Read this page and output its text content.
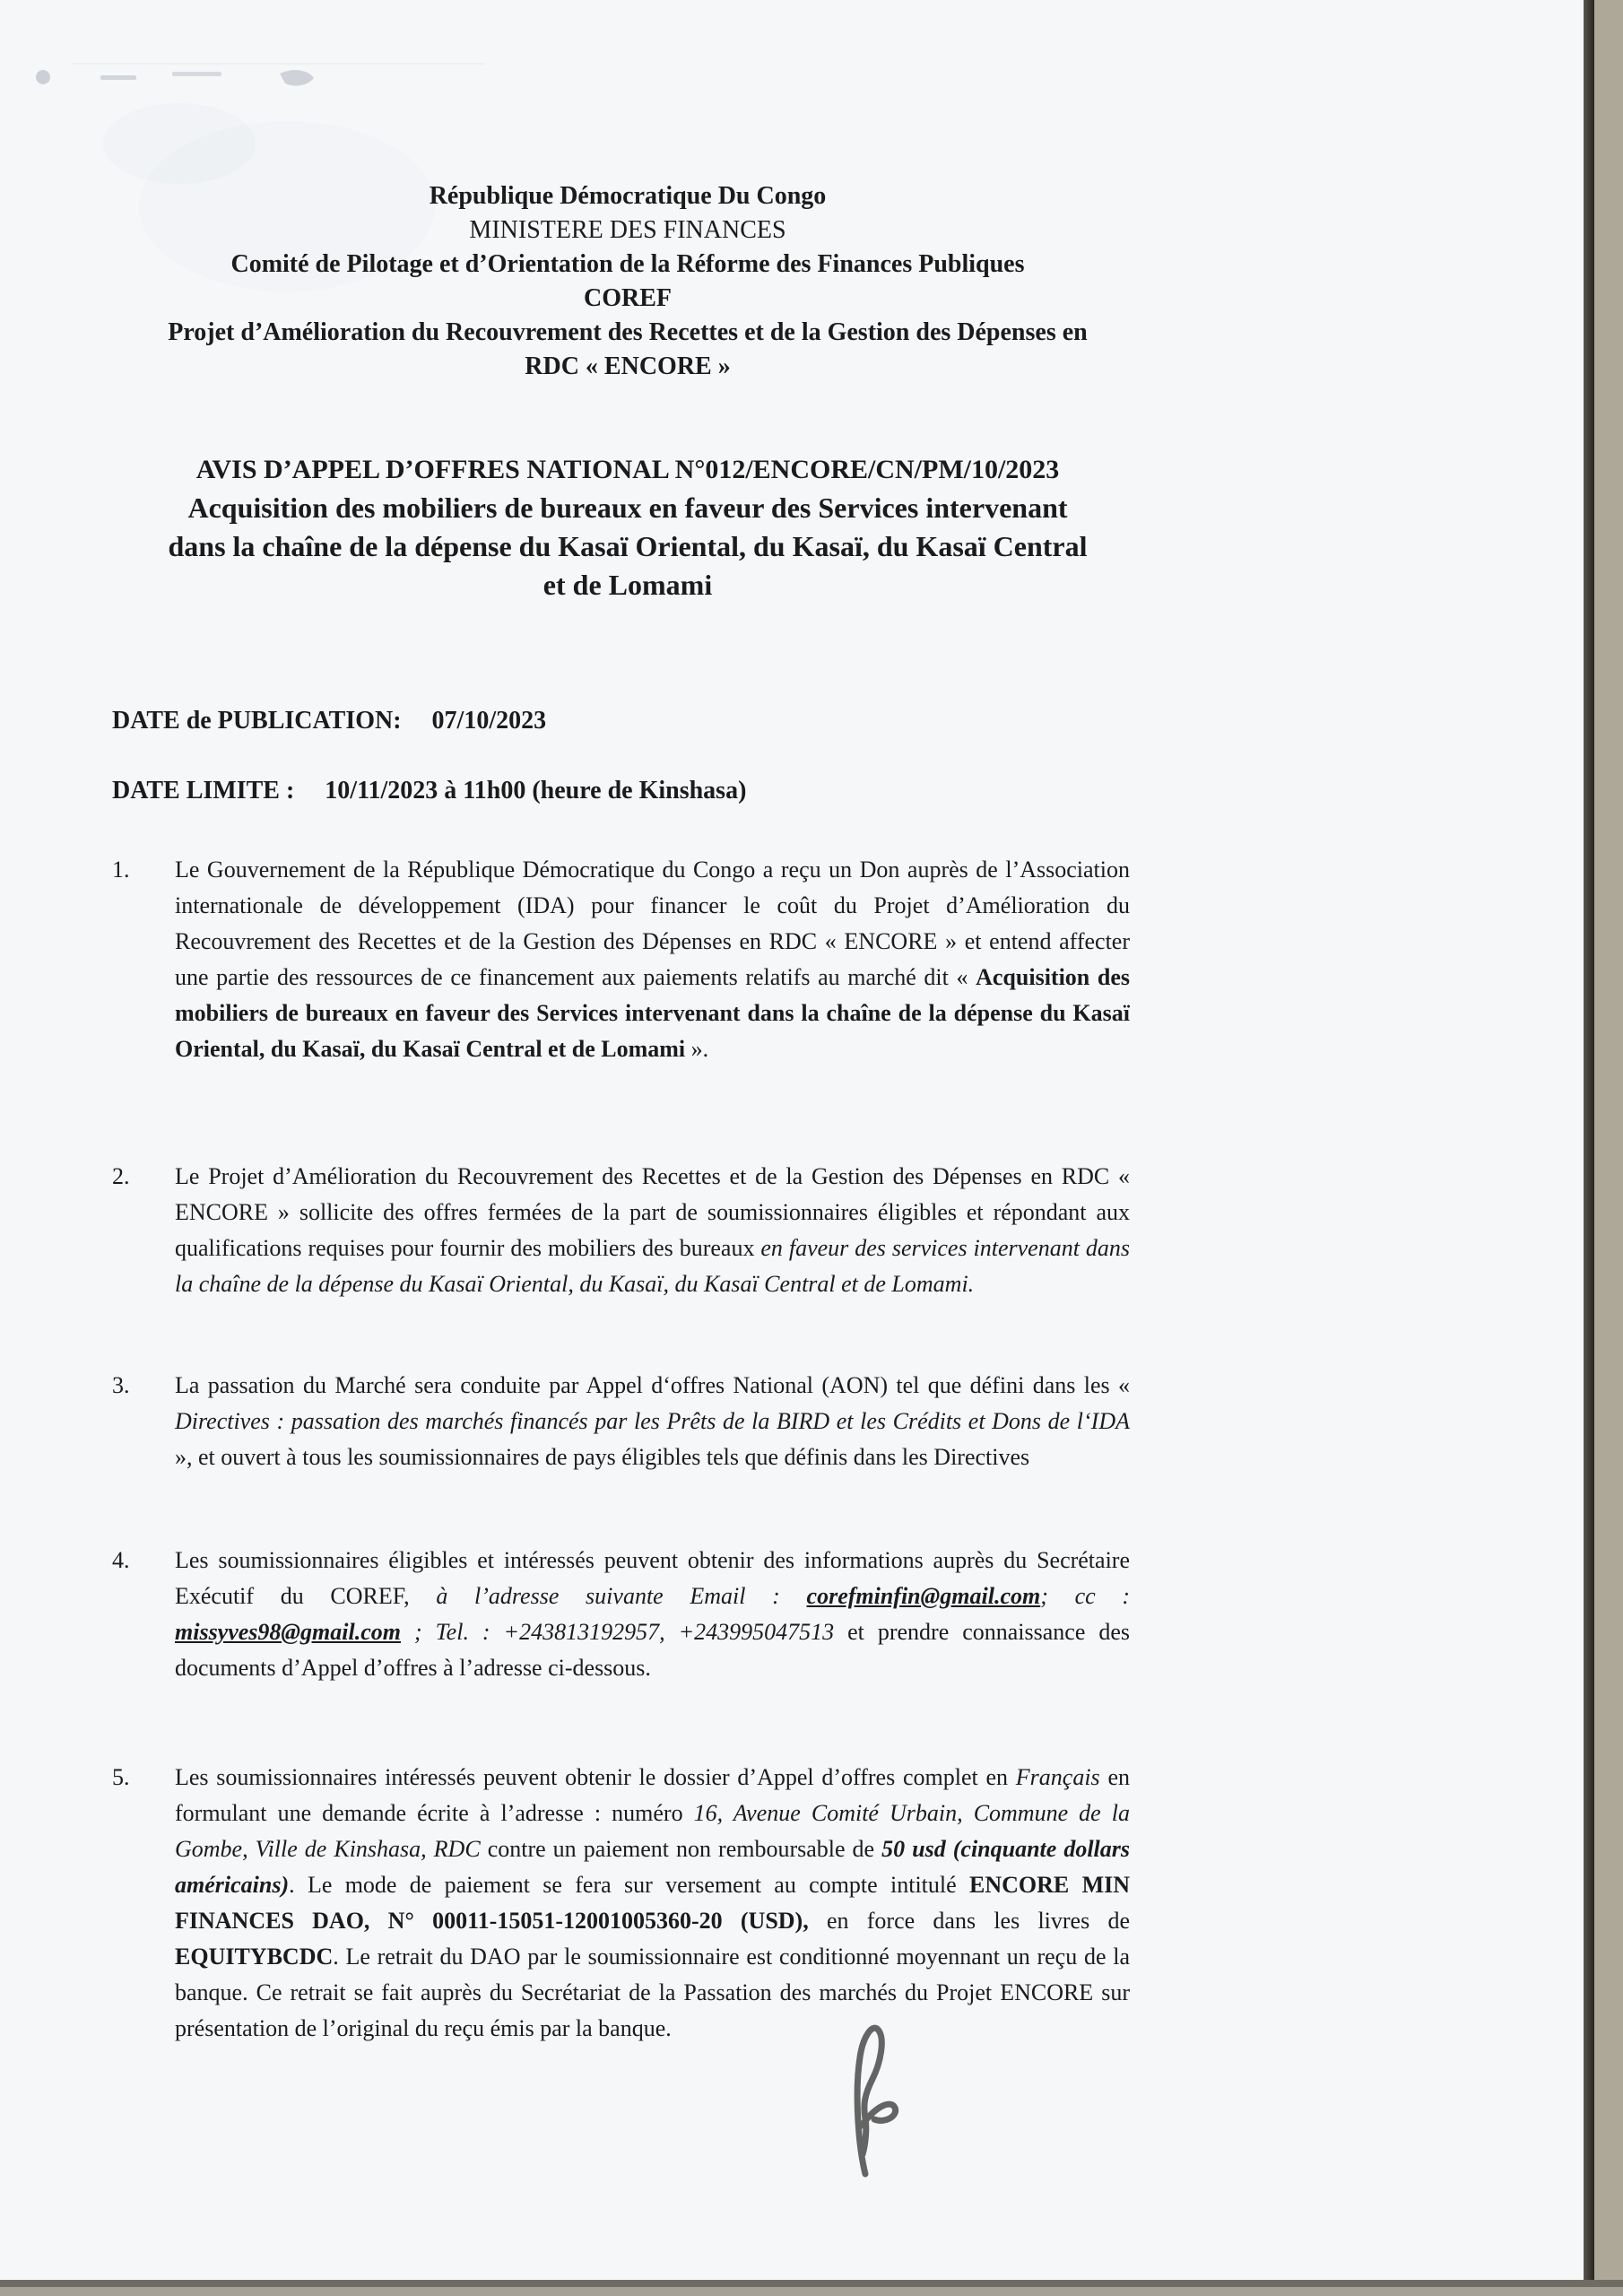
République Démocratique Du Congo
MINISTERE DES FINANCES
Comité de Pilotage et d’Orientation de la Réforme des Finances Publiques
COREF
Projet d’Amélioration du Recouvrement des Recettes et de la Gestion des Dépenses en
RDC « ENCORE »
AVIS D’APPEL D’OFFRES NATIONAL N°012/ENCORE/CN/PM/10/2023
Acquisition des mobiliers de bureaux en faveur des Services intervenant
dans la chaîne de la dépense du Kasaï Oriental, du Kasaï, du Kasaï Central
et de Lomami
DATE de PUBLICATION: 07/10/2023
DATE LIMITE : 10/11/2023 à 11h00 (heure de Kinshasa)
1. Le Gouvernement de la République Démocratique du Congo a reçu un Don auprès de l’Association internationale de développement (IDA) pour financer le coût du Projet d’Amélioration du Recouvrement des Recettes et de la Gestion des Dépenses en RDC « ENCORE » et entend affecter une partie des ressources de ce financement aux paiements relatifs au marché dit « Acquisition des mobiliers de bureaux en faveur des Services intervenant dans la chaîne de la dépense du Kasaï Oriental, du Kasaï, du Kasaï Central et de Lomami ».
2. Le Projet d’Amélioration du Recouvrement des Recettes et de la Gestion des Dépenses en RDC « ENCORE » sollicite des offres fermées de la part de soumissionnaires éligibles et répondant aux qualifications requises pour fournir des mobiliers des bureaux en faveur des services intervenant dans la chaîne de la dépense du Kasaï Oriental, du Kasaï, du Kasaï Central et de Lomami.
3. La passation du Marché sera conduite par Appel d‘offres National (AON) tel que défini dans les « Directives : passation des marchés financés par les Prêts de la BIRD et les Crédits et Dons de l‘IDA », et ouvert à tous les soumissionnaires de pays éligibles tels que définis dans les Directives
4. Les soumissionnaires éligibles et intéressés peuvent obtenir des informations auprès du Secrétaire Exécutif du COREF, à l’adresse suivante Email : corefminfin@gmail.com; cc : missyves98@gmail.com ; Tel. : +243813192957, +243995047513 et prendre connaissance des documents d’Appel d’offres à l’adresse ci-dessous.
5. Les soumissionnaires intéressés peuvent obtenir le dossier d’Appel d’offres complet en Français en formulant une demande écrite à l’adresse : numéro 16, Avenue Comité Urbain, Commune de la Gombe, Ville de Kinshasa, RDC contre un paiement non remboursable de 50 usd (cinquante dollars américains). Le mode de paiement se fera sur versement au compte intitulé ENCORE MIN FINANCES DAO, N° 00011-15051-12001005360-20 (USD), en force dans les livres de EQUITYBCDC. Le retrait du DAO par le soumissionnaire est conditionné moyennant un reçu de la banque. Ce retrait se fait auprès du Secrétariat de la Passation des marchés du Projet ENCORE sur présentation de l’original du reçu émis par la banque.
